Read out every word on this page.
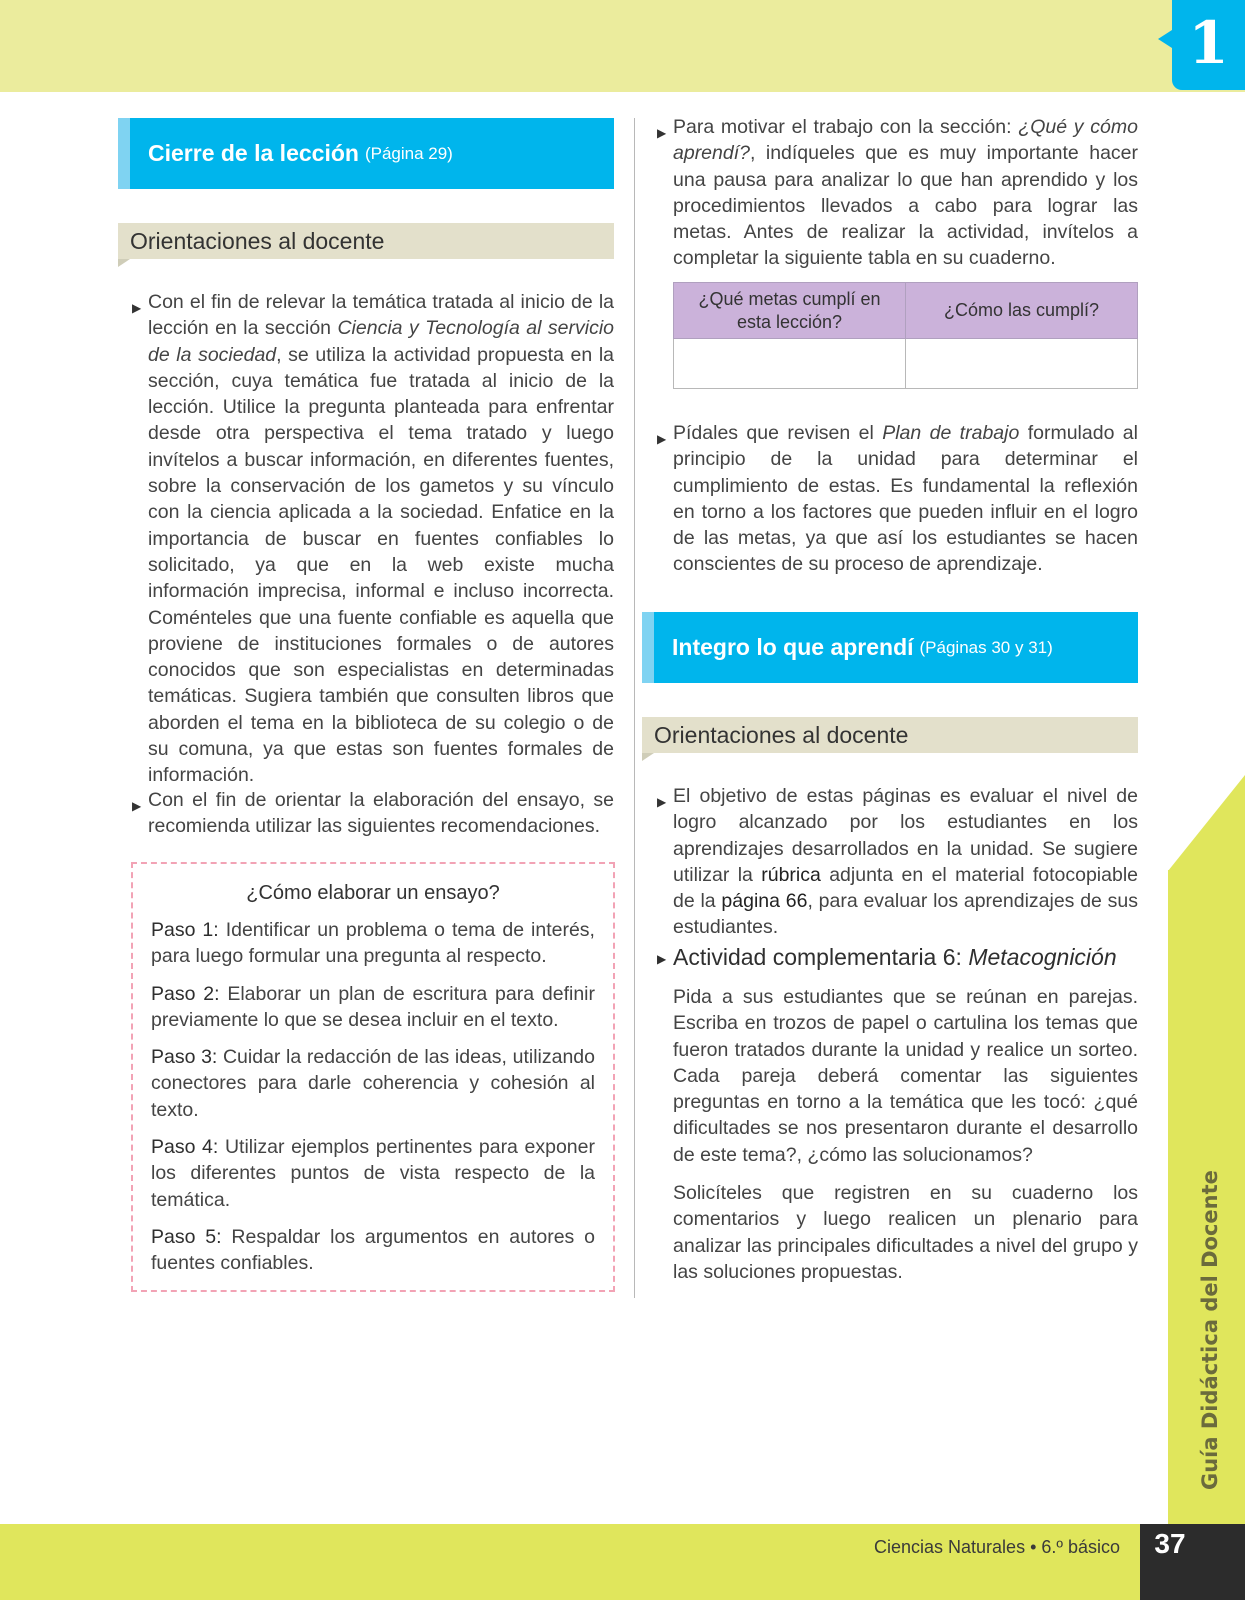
1
Guía Didáctica del Docente
Cierre de la lección (Página 29)
Orientaciones al docente
▶ Con el fin de relevar la temática tratada al inicio de la lección en la sección Ciencia y Tecnología al servicio de la sociedad, se utiliza la actividad propuesta en la sección, cuya temática fue tratada al inicio de la lección. Utilice la pregunta planteada para enfrentar desde otra perspectiva el tema tratado y luego invítelos a buscar información, en diferentes fuentes, sobre la conservación de los gametos y su vínculo con la ciencia aplicada a la sociedad. Enfatice en la importancia de buscar en fuentes confiables lo solicitado, ya que en la web existe mucha información imprecisa, informal e incluso incorrecta. Coménteles que una fuente confiable es aquella que proviene de instituciones formales o de autores conocidos que son especialistas en determinadas temáticas. Sugiera también que consulten libros que aborden el tema en la biblioteca de su colegio o de su comuna, ya que estas son fuentes formales de información.

▶ Con el fin de orientar la elaboración del ensayo, se recomienda utilizar las siguientes recomendaciones.

¿Cómo elaborar un ensayo?
Paso 1: Identificar un problema o tema de interés, para luego formular una pregunta al respecto.
Paso 2: Elaborar un plan de escritura para definir previamente lo que se desea incluir en el texto.
Paso 3: Cuidar la redacción de las ideas, utilizando conectores para darle coherencia y cohesión al texto.
Paso 4: Utilizar ejemplos pertinentes para exponer los diferentes puntos de vista respecto de la temática.
Paso 5: Respaldar los argumentos en autores o fuentes confiables.
▶ Para motivar el trabajo con la sección: ¿Qué y cómo aprendí?, indíqueles que es muy importante hacer una pausa para analizar lo que han aprendido y los procedimientos llevados a cabo para lograr las metas. Antes de realizar la actividad, invítelos a completar la siguiente tabla en su cuaderno.

¿Qué metas cumplí en esta lección?	¿Cómo las cumplí?

▶ Pídales que revisen el Plan de trabajo formulado al principio de la unidad para determinar el cumplimiento de estas. Es fundamental la reflexión en torno a los factores que pueden influir en el logro de las metas, ya que así los estudiantes se hacen conscientes de su proceso de aprendizaje.

Integro lo que aprendí (Páginas 30 y 31)
Orientaciones al docente
▶ El objetivo de estas páginas es evaluar el nivel de logro alcanzado por los estudiantes en los aprendizajes desarrollados en la unidad. Se sugiere utilizar la rúbrica adjunta en el material fotocopiable de la página 66, para evaluar los aprendizajes de sus estudiantes.

▶ Actividad complementaria 6: Metacognición
Pida a sus estudiantes que se reúnan en parejas. Escriba en trozos de papel o cartulina los temas que fueron tratados durante la unidad y realice un sorteo. Cada pareja deberá comentar las siguientes preguntas en torno a la temática que les tocó: ¿qué dificultades se nos presentaron durante el desarrollo de este tema?, ¿cómo las solucionamos?
Solicíteles que registren en su cuaderno los comentarios y luego realicen un plenario para analizar las principales dificultades a nivel del grupo y las soluciones propuestas.
Ciencias Naturales • 6.º básico	37
